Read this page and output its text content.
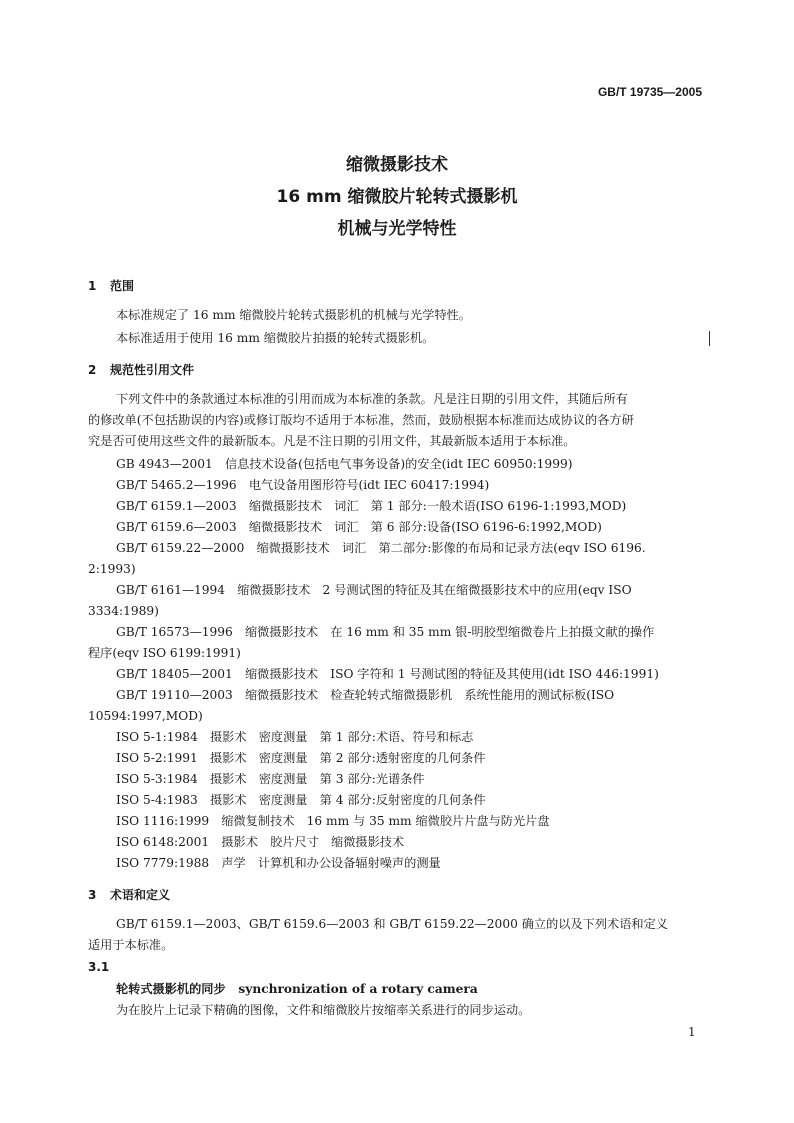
GB/T 19735—2005
缩微摄影技术
16 mm 缩微胶片轮转式摄影机
机械与光学特性
1 范围
本标准规定了 16 mm 缩微胶片轮转式摄影机的机械与光学特性。
本标准适用于使用 16 mm 缩微胶片拍摄的轮转式摄影机。
2 规范性引用文件
下列文件中的条款通过本标准的引用而成为本标准的条款。凡是注日期的引用文件，其随后所有
的修改单(不包括勘误的内容)或修订版均不适用于本标准，然而，鼓励根据本标准而达成协议的各方研
究是否可使用这些文件的最新版本。凡是不注日期的引用文件，其最新版本适用于本标准。
GB 4943—2001　信息技术设备(包括电气事务设备)的安全(idt IEC 60950:1999)
GB/T 5465.2—1996　电气设备用图形符号(idt IEC 60417:1994)
GB/T 6159.1—2003　缩微摄影技术　词汇　第 1 部分:一般术语(ISO 6196-1:1993,MOD)
GB/T 6159.6—2003　缩微摄影技术　词汇　第 6 部分:设备(ISO 6196-6:1992,MOD)
GB/T 6159.22—2000　缩微摄影技术　词汇　第二部分:影像的布局和记录方法(eqv ISO 6196.
2:1993)
GB/T 6161—1994　缩微摄影技术　2 号测试图的特征及其在缩微摄影技术中的应用(eqv ISO
3334:1989)
GB/T 16573—1996　缩微摄影技术　在 16 mm 和 35 mm 银-明胶型缩微卷片上拍摄文献的操作
程序(eqv ISO 6199:1991)
GB/T 18405—2001　缩微摄影技术　ISO 字符和 1 号测试图的特征及其使用(idt ISO 446:1991)
GB/T 19110—2003　缩微摄影技术　检查轮转式缩微摄影机　系统性能用的测试标板(ISO
10594:1997,MOD)
ISO 5-1:1984　摄影术　密度测量　第 1 部分:术语、符号和标志
ISO 5-2:1991　摄影术　密度测量　第 2 部分:透射密度的几何条件
ISO 5-3:1984　摄影术　密度测量　第 3 部分:光谱条件
ISO 5-4:1983　摄影术　密度测量　第 4 部分:反射密度的几何条件
ISO 1116:1999　缩微复制技术　16 mm 与 35 mm 缩微胶片片盘与防光片盘
ISO 6148:2001　摄影术　胶片尺寸　缩微摄影技术
ISO 7779:1988　声学　计算机和办公设备辐射噪声的测量
3 术语和定义
GB/T 6159.1—2003、GB/T 6159.6—2003 和 GB/T 6159.22—2000 确立的以及下列术语和定义
适用于本标准。
3.1
轮转式摄影机的同步 synchronization of a rotary camera
为在胶片上记录下精确的图像，文件和缩微胶片按缩率关系进行的同步运动。
1
